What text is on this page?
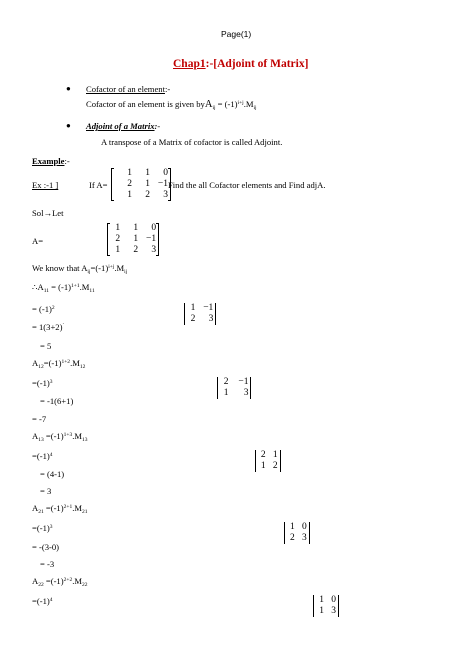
Page(1)
Chap1:-[Adjoint of Matrix]
● Cofactor of an element:-
Cofactor of an element is given $byA_{ij} = (-1)^{i+j}.M_{ij}$
● Adjoint of a Matrix:-
A transpose of a Matrix of cofactor is called Adjoint.
Example:-
Ex :-1 ]	If A=
1	1	0
2	1 −1
1	2	3

Find the all Cofactor elements and Find adjA.
Sol→Let
A=
1	1	0
2	1 −1
1	2	3

We know that $A_{ij}=(-1)^{i+j}.M_{ij}$
$\therefore A_{11} = (-1)^{1+1}.M_{11}$
= $(-1)^2$	1 −1
2	3

= 1(3+2)`
= 5
$A_{12}=(-1)^{1+2}.M_{12}$
$=(-1)^3$	2	−1
1	3

= -1(6+1)
= -7
$A_{13} =(-1)^{1+3}.M_{13}$
$=(-1)^4$	2 1
1 2

= (4-1)
= 3
$A_{21} =(-1)^{2+1}.M_{21}$
$=(-1)^3$	1 0
2 3

= -(3-0)
= -3
$A_{22} =(-1)^{2+2}.M_{22}$
$=(-1)^4$	1 0
1 3
